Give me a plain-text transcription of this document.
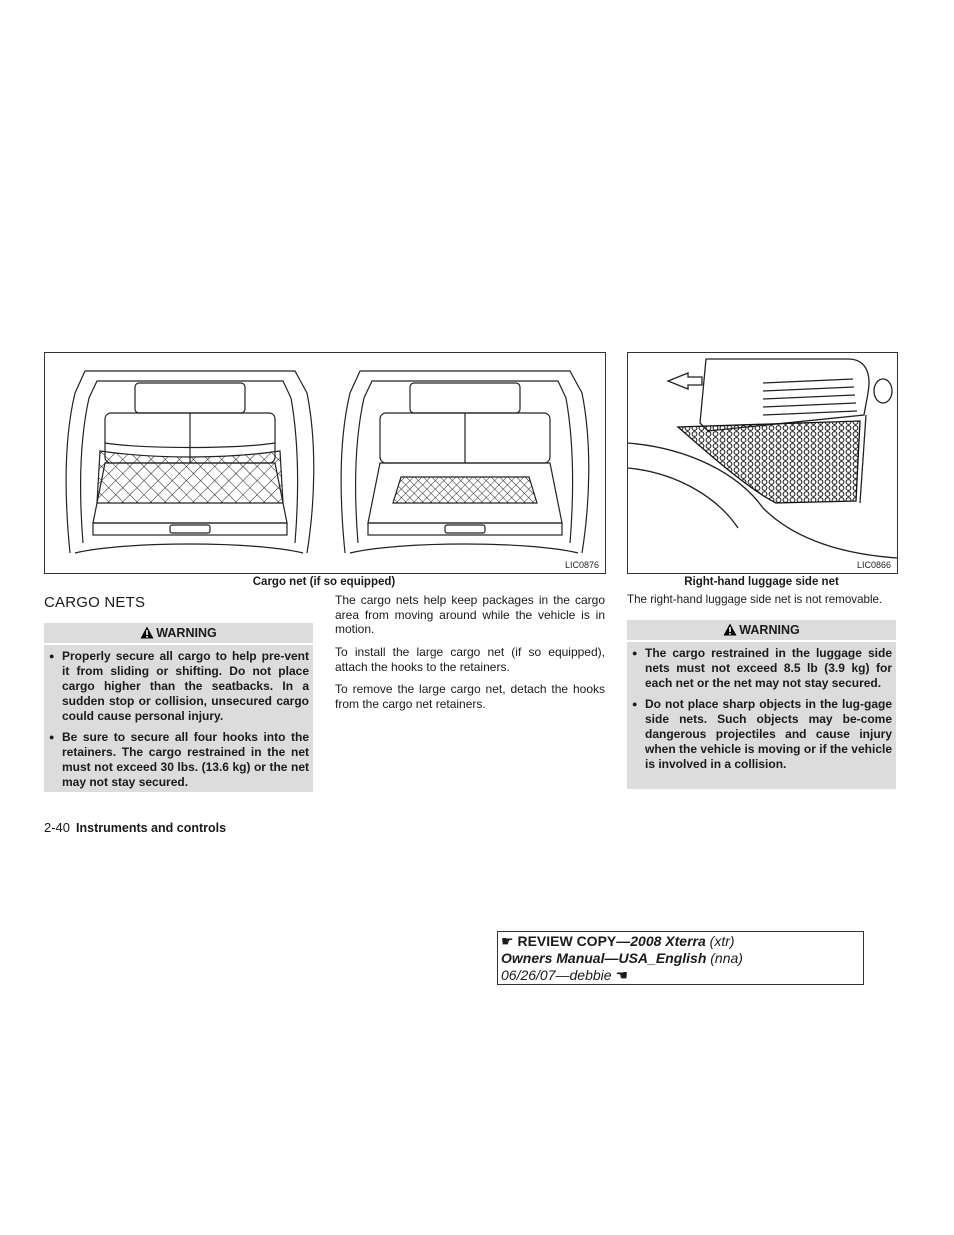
LIC0876
Cargo net (if so equipped)
LIC0866
Right-hand luggage side net
CARGO NETS
WARNING
● Properly secure all cargo to help pre-vent it from sliding or shifting. Do not place cargo higher than the seatbacks. In a sudden stop or collision, unsecured cargo could cause personal injury.
● Be sure to secure all four hooks into the retainers. The cargo restrained in the net must not exceed 30 lbs. (13.6 kg) or the net may not stay secured.

The cargo nets help keep packages in the cargo area from moving around while the vehicle is in motion.

To install the large cargo net (if so equipped), attach the hooks to the retainers.

To remove the large cargo net, detach the hooks from the cargo net retainers.

The right-hand luggage side net is not removable.

WARNING
● The cargo restrained in the luggage side nets must not exceed 8.5 lb (3.9 kg) for each net or the net may not stay secured.
● Do not place sharp objects in the lug-gage side nets. Such objects may be-come dangerous projectiles and cause injury when the vehicle is moving or if the vehicle is involved in a collision.
2-40 Instruments and controls
☛ REVIEW COPY—2008 Xterra (xtr)
Owners Manual—USA_English (nna)
06/26/07—debbie ☚
